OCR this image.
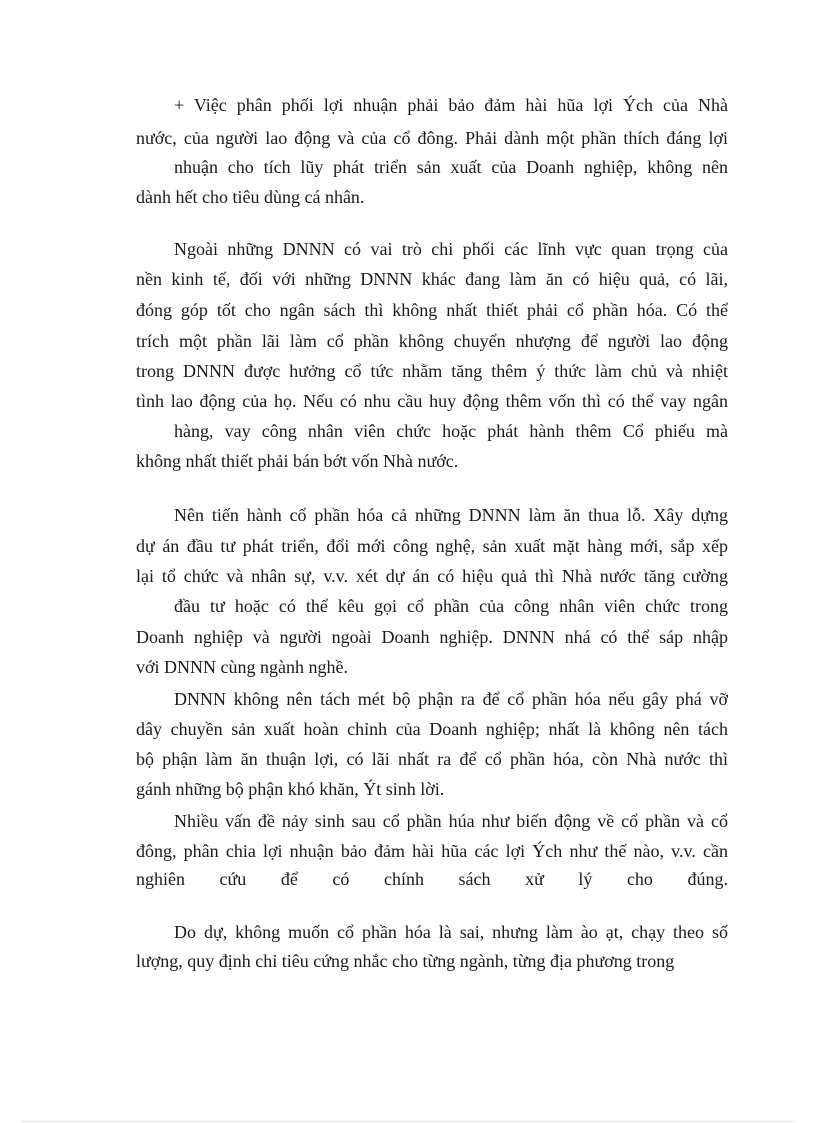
+ Việc phân phối lợi nhuận phải bảo đảm hài hũa lợi Ých của Nhà
nước, của người lao động và của cổ đông. Phải dành một phần thích đáng lợi
nhuận cho tích lũy phát triển sản xuất của Doanh nghiệp, không nên
dành hết cho tiêu dùng cá nhân.
Ngoài những DNNN có vai trò chi phối các lĩnh vực quan trọng của
nền kinh tế, đối với những DNNN khác đang làm ăn có hiệu quả, có lãi,
đóng góp tốt cho ngân sách thì không nhất thiết phải cổ phần hóa. Có thể
trích một phần lãi làm cổ phần không chuyển nhượng để người lao động
trong DNNN được hưởng cổ tức nhằm tăng thêm ý thức làm chủ và nhiệt
tình lao động của họ. Nếu có nhu cầu huy động thêm vốn thì có thể vay ngân
hàng, vay công nhân viên chức hoặc phát hành thêm Cổ phiếu mà
không nhất thiết phải bán bớt vốn Nhà nước.
Nên tiến hành cổ phần hóa cả những DNNN làm ăn thua lỗ. Xây dựng
dự án đầu tư phát triển, đổi mới công nghệ, sản xuất mặt hàng mới, sắp xếp
lại tổ chức và nhân sự, v.v. xét dự án có hiệu quả thì Nhà nước tăng cường
đầu tư hoặc có thể kêu gọi cổ phần của công nhân viên chức trong
Doanh nghiệp và người ngoài Doanh nghiệp. DNNN nhá có thể sáp nhập
với DNNN cùng ngành nghề.
DNNN không nên tách mét bộ phận ra để cổ phần hóa nếu gây phá vỡ
dây chuyền sản xuất hoàn chỉnh của Doanh nghiệp; nhất là không nên tách
bộ phận làm ăn thuận lợi, có lãi nhất ra để cổ phần hóa, còn Nhà nước thì
gánh những bộ phận khó khăn, Ýt sinh lời.
Nhiều vấn đề nảy sinh sau cổ phần húa như biến động về cổ phần và cổ
đông, phân chia lợi nhuận bảo đảm hài hũa các lợi Ých như thế nào, v.v. cần
nghiên cứu để có chính sách xử lý cho đúng.
Do dự, không muốn cổ phần hóa là sai, nhưng làm ào ạt, chạy theo số
lượng, quy định chỉ tiêu cứng nhắc cho từng ngành, từng địa phương trong
